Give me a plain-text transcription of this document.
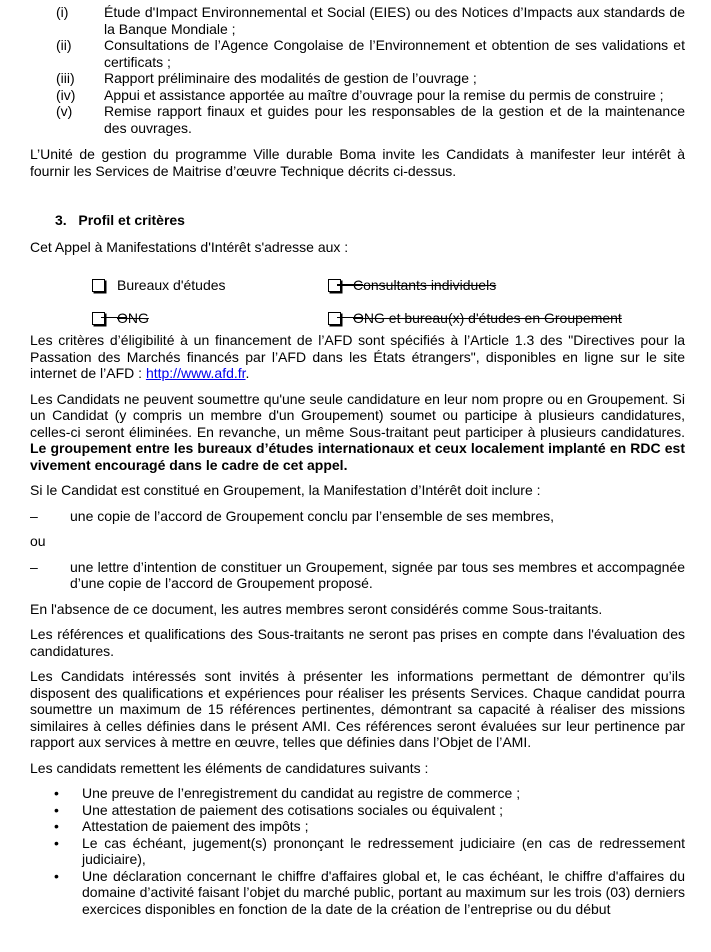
(i)	Étude d'Impact Environnemental et Social (EIES) ou des Notices d’Impacts aux standards de la Banque Mondiale ;
(ii)	Consultations de l’Agence Congolaise de l’Environnement et obtention de ses validations et certificats ;
(iii)	Rapport préliminaire des modalités de gestion de l’ouvrage ;
(iv)	Appui et assistance apportée au maître d’ouvrage pour la remise du permis de construire ;
(v)	Remise rapport finaux et guides pour les responsables de la gestion et de la maintenance des ouvrages.

L’Unité de gestion du programme Ville durable Boma invite les Candidats à manifester leur intérêt à fournir les Services de Maitrise d’œuvre Technique décrits ci-dessus.

3. Profil et critères

Cet Appel à Manifestations d'Intérêt s'adresse aux :

Bureaux d'études	Consultants individuels
ONG	ONG et bureau(x) d'études en Groupement

Les critères d’éligibilité à un financement de l’AFD sont spécifiés à l’Article 1.3 des "Directives pour la Passation des Marchés financés par l’AFD dans les États étrangers", disponibles en ligne sur le site internet de l’AFD : http://www.afd.fr.

Les Candidats ne peuvent soumettre qu'une seule candidature en leur nom propre ou en Groupement. Si un Candidat (y compris un membre d'un Groupement) soumet ou participe à plusieurs candidatures, celles-ci seront éliminées. En revanche, un même Sous-traitant peut participer à plusieurs candidatures. Le groupement entre les bureaux d’études internationaux et ceux localement implanté en RDC est vivement encouragé dans le cadre de cet appel.

Si le Candidat est constitué en Groupement, la Manifestation d’Intérêt doit inclure :

–	une copie de l’accord de Groupement conclu par l’ensemble de ses membres,

ou

–	une lettre d’intention de constituer un Groupement, signée par tous ses membres et accompagnée d’une copie de l’accord de Groupement proposé.

En l'absence de ce document, les autres membres seront considérés comme Sous-traitants.

Les références et qualifications des Sous-traitants ne seront pas prises en compte dans l'évaluation des candidatures.

Les Candidats intéressés sont invités à présenter les informations permettant de démontrer qu’ils disposent des qualifications et expériences pour réaliser les présents Services. Chaque candidat pourra soumettre un maximum de 15 références pertinentes, démontrant sa capacité à réaliser des missions similaires à celles définies dans le présent AMI. Ces références seront évaluées sur leur pertinence par rapport aux services à mettre en œuvre, telles que définies dans l’Objet de l’AMI.

Les candidats remettent les éléments de candidatures suivants :

•	Une preuve de l’enregistrement du candidat au registre de commerce ;
•	Une attestation de paiement des cotisations sociales ou équivalent ;
•	Attestation de paiement des impôts ;
•	Le cas échéant, jugement(s) prononçant le redressement judiciaire (en cas de redressement judiciaire),
•	Une déclaration concernant le chiffre d'affaires global et, le cas échéant, le chiffre d'affaires du domaine d’activité faisant l’objet du marché public, portant au maximum sur les trois (03) derniers exercices disponibles en fonction de la date de la création de l’entreprise ou du début
